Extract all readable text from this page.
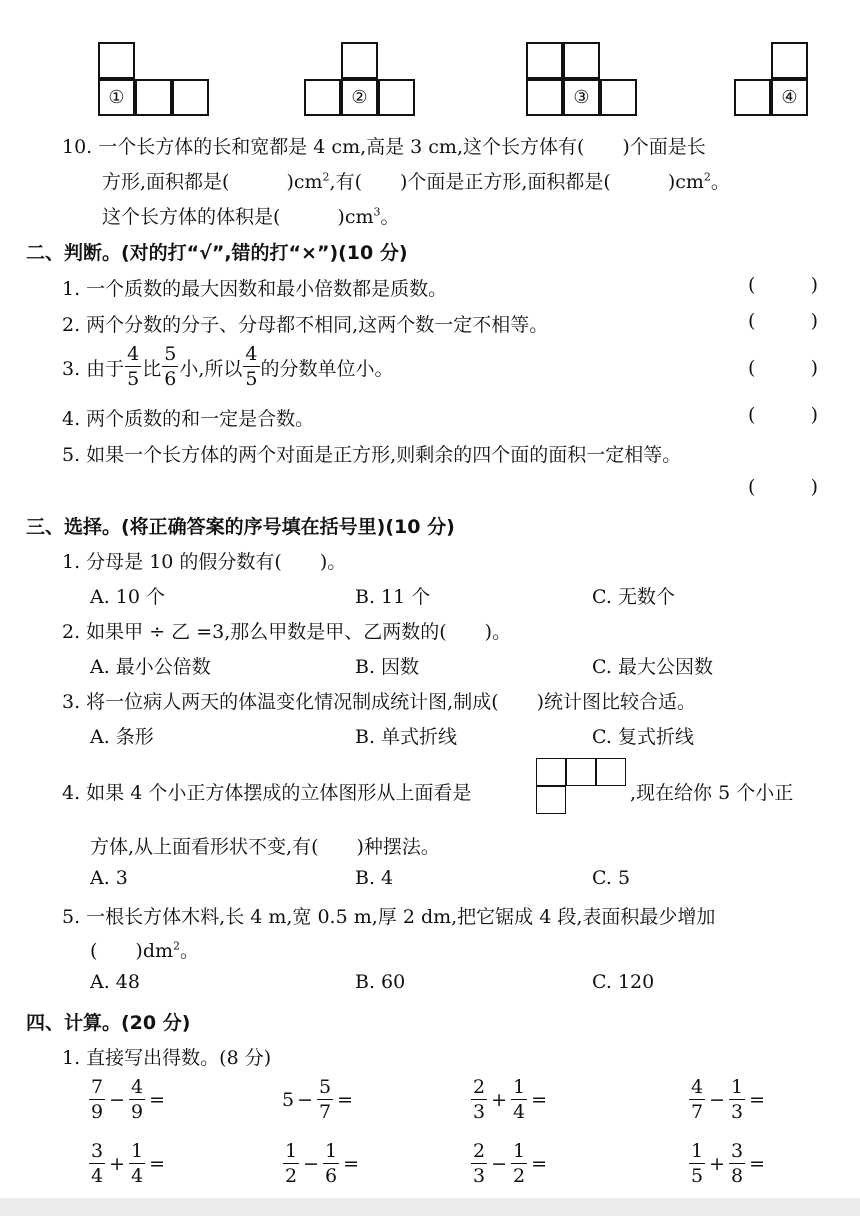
①	②	③	④
10. 一个长方体的长和宽都是 4 cm,高是 3 cm,这个长方体有(　　)个面是长
方形,面积都是(　　　)$cm^2$,有(　　)个面是正方形,面积都是(　　　)$cm^2$。
这个长方体的体积是(　　　)$cm^3$。
二、判断。(对的打“√”,错的打“×”)(10 分)
1. 一个质数的最大因数和最小倍数都是质数。	(	)
2. 两个分数的分子、分母都不相同,这两个数一定不相等。	(	)
3. 由于 $\frac{4}{5}$ 比 $\frac{5}{6}$ 小,所以 $\frac{4}{5}$ 的分数单位小。	(	)
4. 两个质数的和一定是合数。	(	)
5. 如果一个长方体的两个对面是正方形,则剩余的四个面的面积一定相等。
(	)
三、选择。(将正确答案的序号填在括号里)(10 分)
1. 分母是 10 的假分数有(　　)。
A. 10 个	B. 11 个	C. 无数个
2. 如果甲 ÷ 乙 =3,那么甲数是甲、乙两数的(　　)。
A. 最小公倍数	B. 因数	C. 最大公因数
3. 将一位病人两天的体温变化情况制成统计图,制成(　　)统计图比较合适。
A. 条形	B. 单式折线	C. 复式折线
4. 如果 4 个小正方体摆成的立体图形从上面看是	,现在给你 5 个小正
方体,从上面看形状不变,有(　　)种摆法。
A. 3	B. 4	C. 5
5. 一根长方体木料,长 4 m,宽 0.5 m,厚 2 dm,把它锯成 4 段,表面积最少增加
(　　)$dm^2$。
A. 48	B. 60	C. 120
四、计算。(20 分)
1. 直接写出得数。(8 分)
$\frac{7}{9} - \frac{4}{9}$ =	$5 - \frac{5}{7}$ =	$\frac{2}{3} + \frac{1}{4}$ =	$\frac{4}{7} - \frac{1}{3}$ =
$\frac{3}{4} + \frac{1}{4}$ =	$\frac{1}{2} - \frac{1}{6}$ =	$\frac{2}{3} - \frac{1}{2}$ =	$\frac{1}{5} + \frac{3}{8}$ =
